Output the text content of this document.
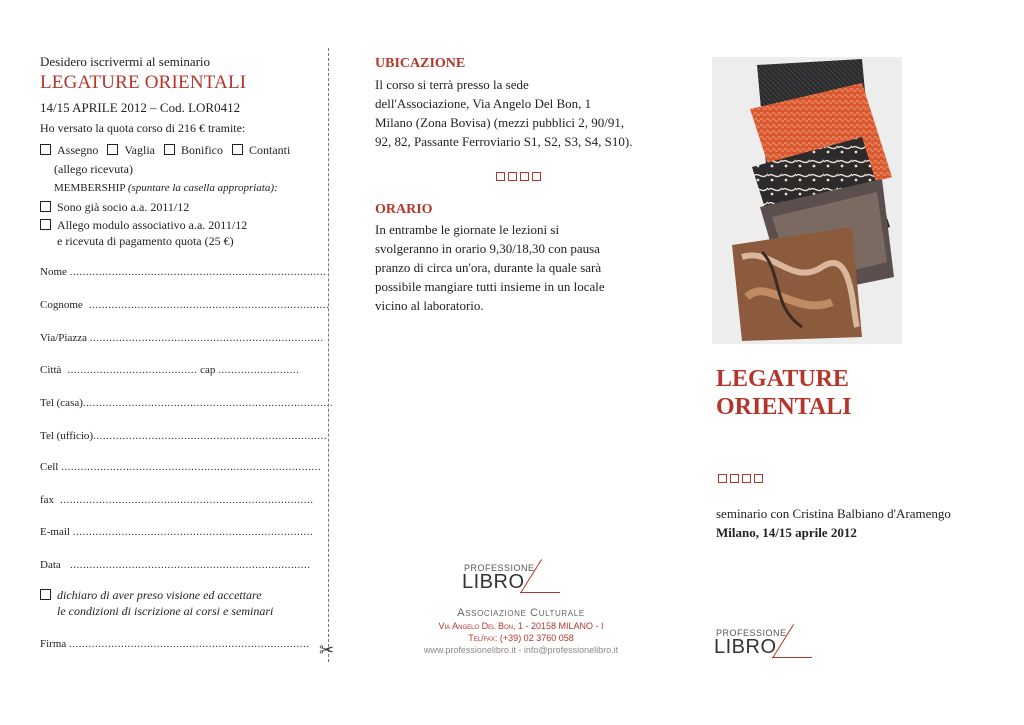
Desidero iscrivermi al seminario
LEGATURE ORIENTALI
14/15 APRILE 2012 – Cod. LOR0412
Ho versato la quota corso di 216 € tramite:
Assegno Vaglia Bonifico Contanti
(allego ricevuta)
MEMBERSHIP (spuntare la casella appropriata):
Sono già socio a.a. 2011/12
Allego modulo associativo a.a. 2011/12
e ricevuta di pagamento quota (25 €)
Nome ...............................................................................
Cognome  ..........................................................................
Via/Piazza ........................................................................
Città  ........................................ cap .........................
Tel (casa).............................................................................
Tel (ufficio)........................................................................
Cell ................................................................................
fax  ..............................................................................
E-mail ..........................................................................
Data   ..........................................................................
dichiaro di aver preso visione ed accettare
le condizioni di iscrizione ai corsi e seminari
Firma .......................................................................... ✂
UBICAZIONE
Il corso si terrà presso la sede
dell'Associazione, Via Angelo Del Bon, 1
Milano (Zona Bovisa) (mezzi pubblici 2, 90/91,
92, 82, Passante Ferroviario S1, S2, S3, S4, S10).
ORARIO
In entrambe le giornate le lezioni si
svolgeranno in orario 9,30/18,30 con pausa
pranzo di circa un'ora, durante la quale sarà
possibile mangiare tutti insieme in un locale
vicino al laboratorio.
PROFESSIONE
LIBRO
Associazione Culturale
Via Angelo Del Bon, 1 - 20158 MILANO - I
Tel/fax: (+39) 02 3760 058
www.professionelibro.it - info@professionelibro.it
LEGATURE
ORIENTALI
seminario con Cristina Balbiano d'Aramengo
Milano, 14/15 aprile 2012
PROFESSIONE
LIBRO
